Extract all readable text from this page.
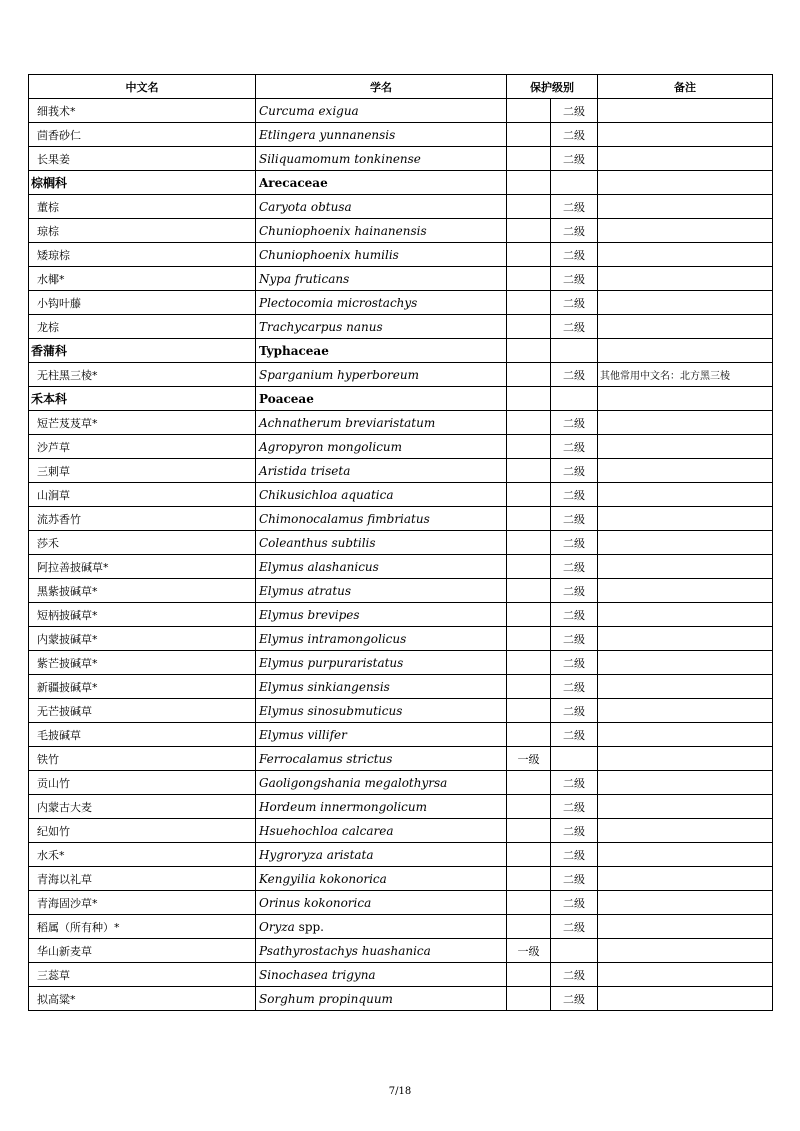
中文名	学名	保护级别		备注
细莪术*	Curcuma exigua		二级	
茴香砂仁	Etlingera yunnanensis		二级	
长果姜	Siliquamomum tonkinense		二级	
棕榈科	Arecaceae			
董棕	Caryota obtusa		二级	
琼棕	Chuniophoenix hainanensis		二级	
矮琼棕	Chuniophoenix humilis		二级	
水椰*	Nypa fruticans		二级	
小钩叶藤	Plectocomia microstachys		二级	
龙棕	Trachycarpus nanus		二级	
香蒲科	Typhaceae			
无柱黑三棱*	Sparganium hyperboreum		二级	其他常用中文名：北方黑三棱
禾本科	Poaceae			
短芒芨芨草*	Achnatherum breviaristatum		二级	
沙芦草	Agropyron mongolicum		二级	
三刺草	Aristida triseta		二级	
山涧草	Chikusichloa aquatica		二级	
流苏香竹	Chimonocalamus fimbriatus		二级	
莎禾	Coleanthus subtilis		二级	
阿拉善披碱草*	Elymus alashanicus		二级	
黑紫披碱草*	Elymus atratus		二级	
短柄披碱草*	Elymus brevipes		二级	
内蒙披碱草*	Elymus intramongolicus		二级	
紫芒披碱草*	Elymus purpuraristatus		二级	
新疆披碱草*	Elymus sinkiangensis		二级	
无芒披碱草	Elymus sinosubmuticus		二级	
毛披碱草	Elymus villifer		二级	
铁竹	Ferrocalamus strictus	一级		
贡山竹	Gaoligongshania megalothyrsa		二级	
内蒙古大麦	Hordeum innermongolicum		二级	
纪如竹	Hsuehochloa calcarea		二级	
水禾*	Hygroryza aristata		二级	
青海以礼草	Kengyilia kokonorica		二级	
青海固沙草*	Orinus kokonorica		二级	
稻属（所有种）*	Oryza spp.		二级	
华山新麦草	Psathyrostachys huashanica	一级		
三蕊草	Sinochasea trigyna		二级	
拟高粱*	Sorghum propinquum		二级	
7/18
